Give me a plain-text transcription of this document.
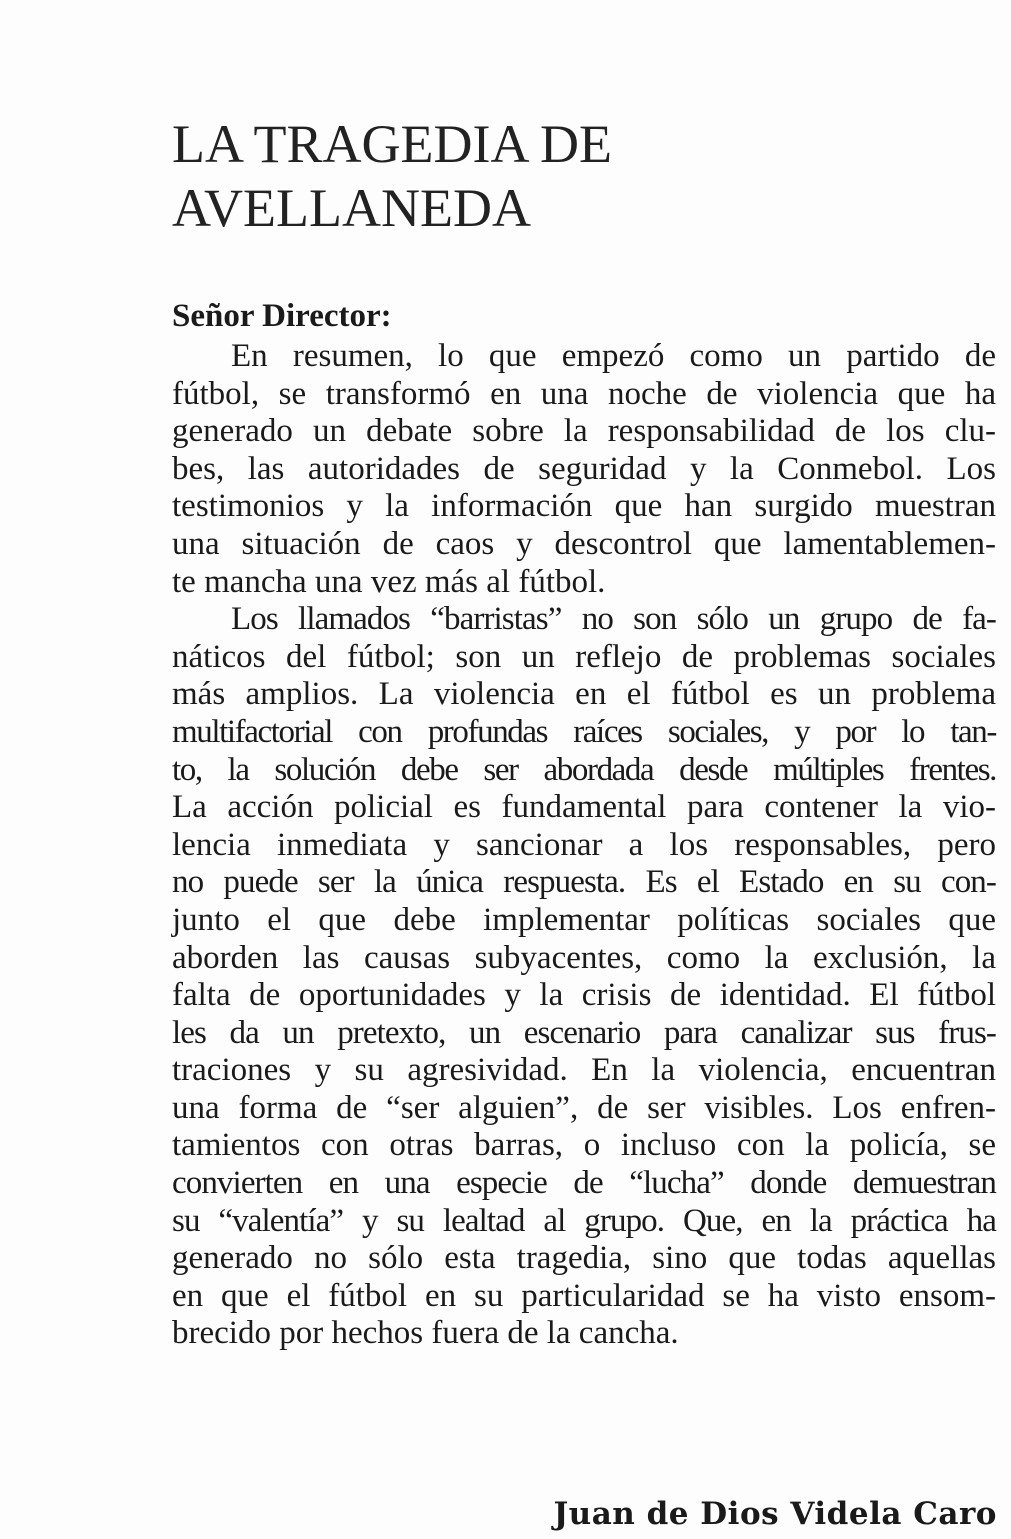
LA TRAGEDIA DE
AVELLANEDA

Señor Director:

En resumen, lo que empezó como un partido de
fútbol, se transformó en una noche de violencia que ha
generado un debate sobre la responsabilidad de los clu-
bes, las autoridades de seguridad y la Conmebol. Los
testimonios y la información que han surgido muestran
una situación de caos y descontrol que lamentablemen-
te mancha una vez más al fútbol.
Los llamados “barristas” no son sólo un grupo de fa-
náticos del fútbol; son un reflejo de problemas sociales
más amplios. La violencia en el fútbol es un problema
multifactorial con profundas raíces sociales, y por lo tan-
to, la solución debe ser abordada desde múltiples frentes.
La acción policial es fundamental para contener la vio-
lencia inmediata y sancionar a los responsables, pero
no puede ser la única respuesta. Es el Estado en su con-
junto el que debe implementar políticas sociales que
aborden las causas subyacentes, como la exclusión, la
falta de oportunidades y la crisis de identidad. El fútbol
les da un pretexto, un escenario para canalizar sus frus-
traciones y su agresividad. En la violencia, encuentran
una forma de “ser alguien”, de ser visibles. Los enfren-
tamientos con otras barras, o incluso con la policía, se
convierten en una especie de “lucha” donde demuestran
su “valentía” y su lealtad al grupo. Que, en la práctica ha
generado no sólo esta tragedia, sino que todas aquellas
en que el fútbol en su particularidad se ha visto ensom-
brecido por hechos fuera de la cancha.

Juan de Dios Videla Caro
